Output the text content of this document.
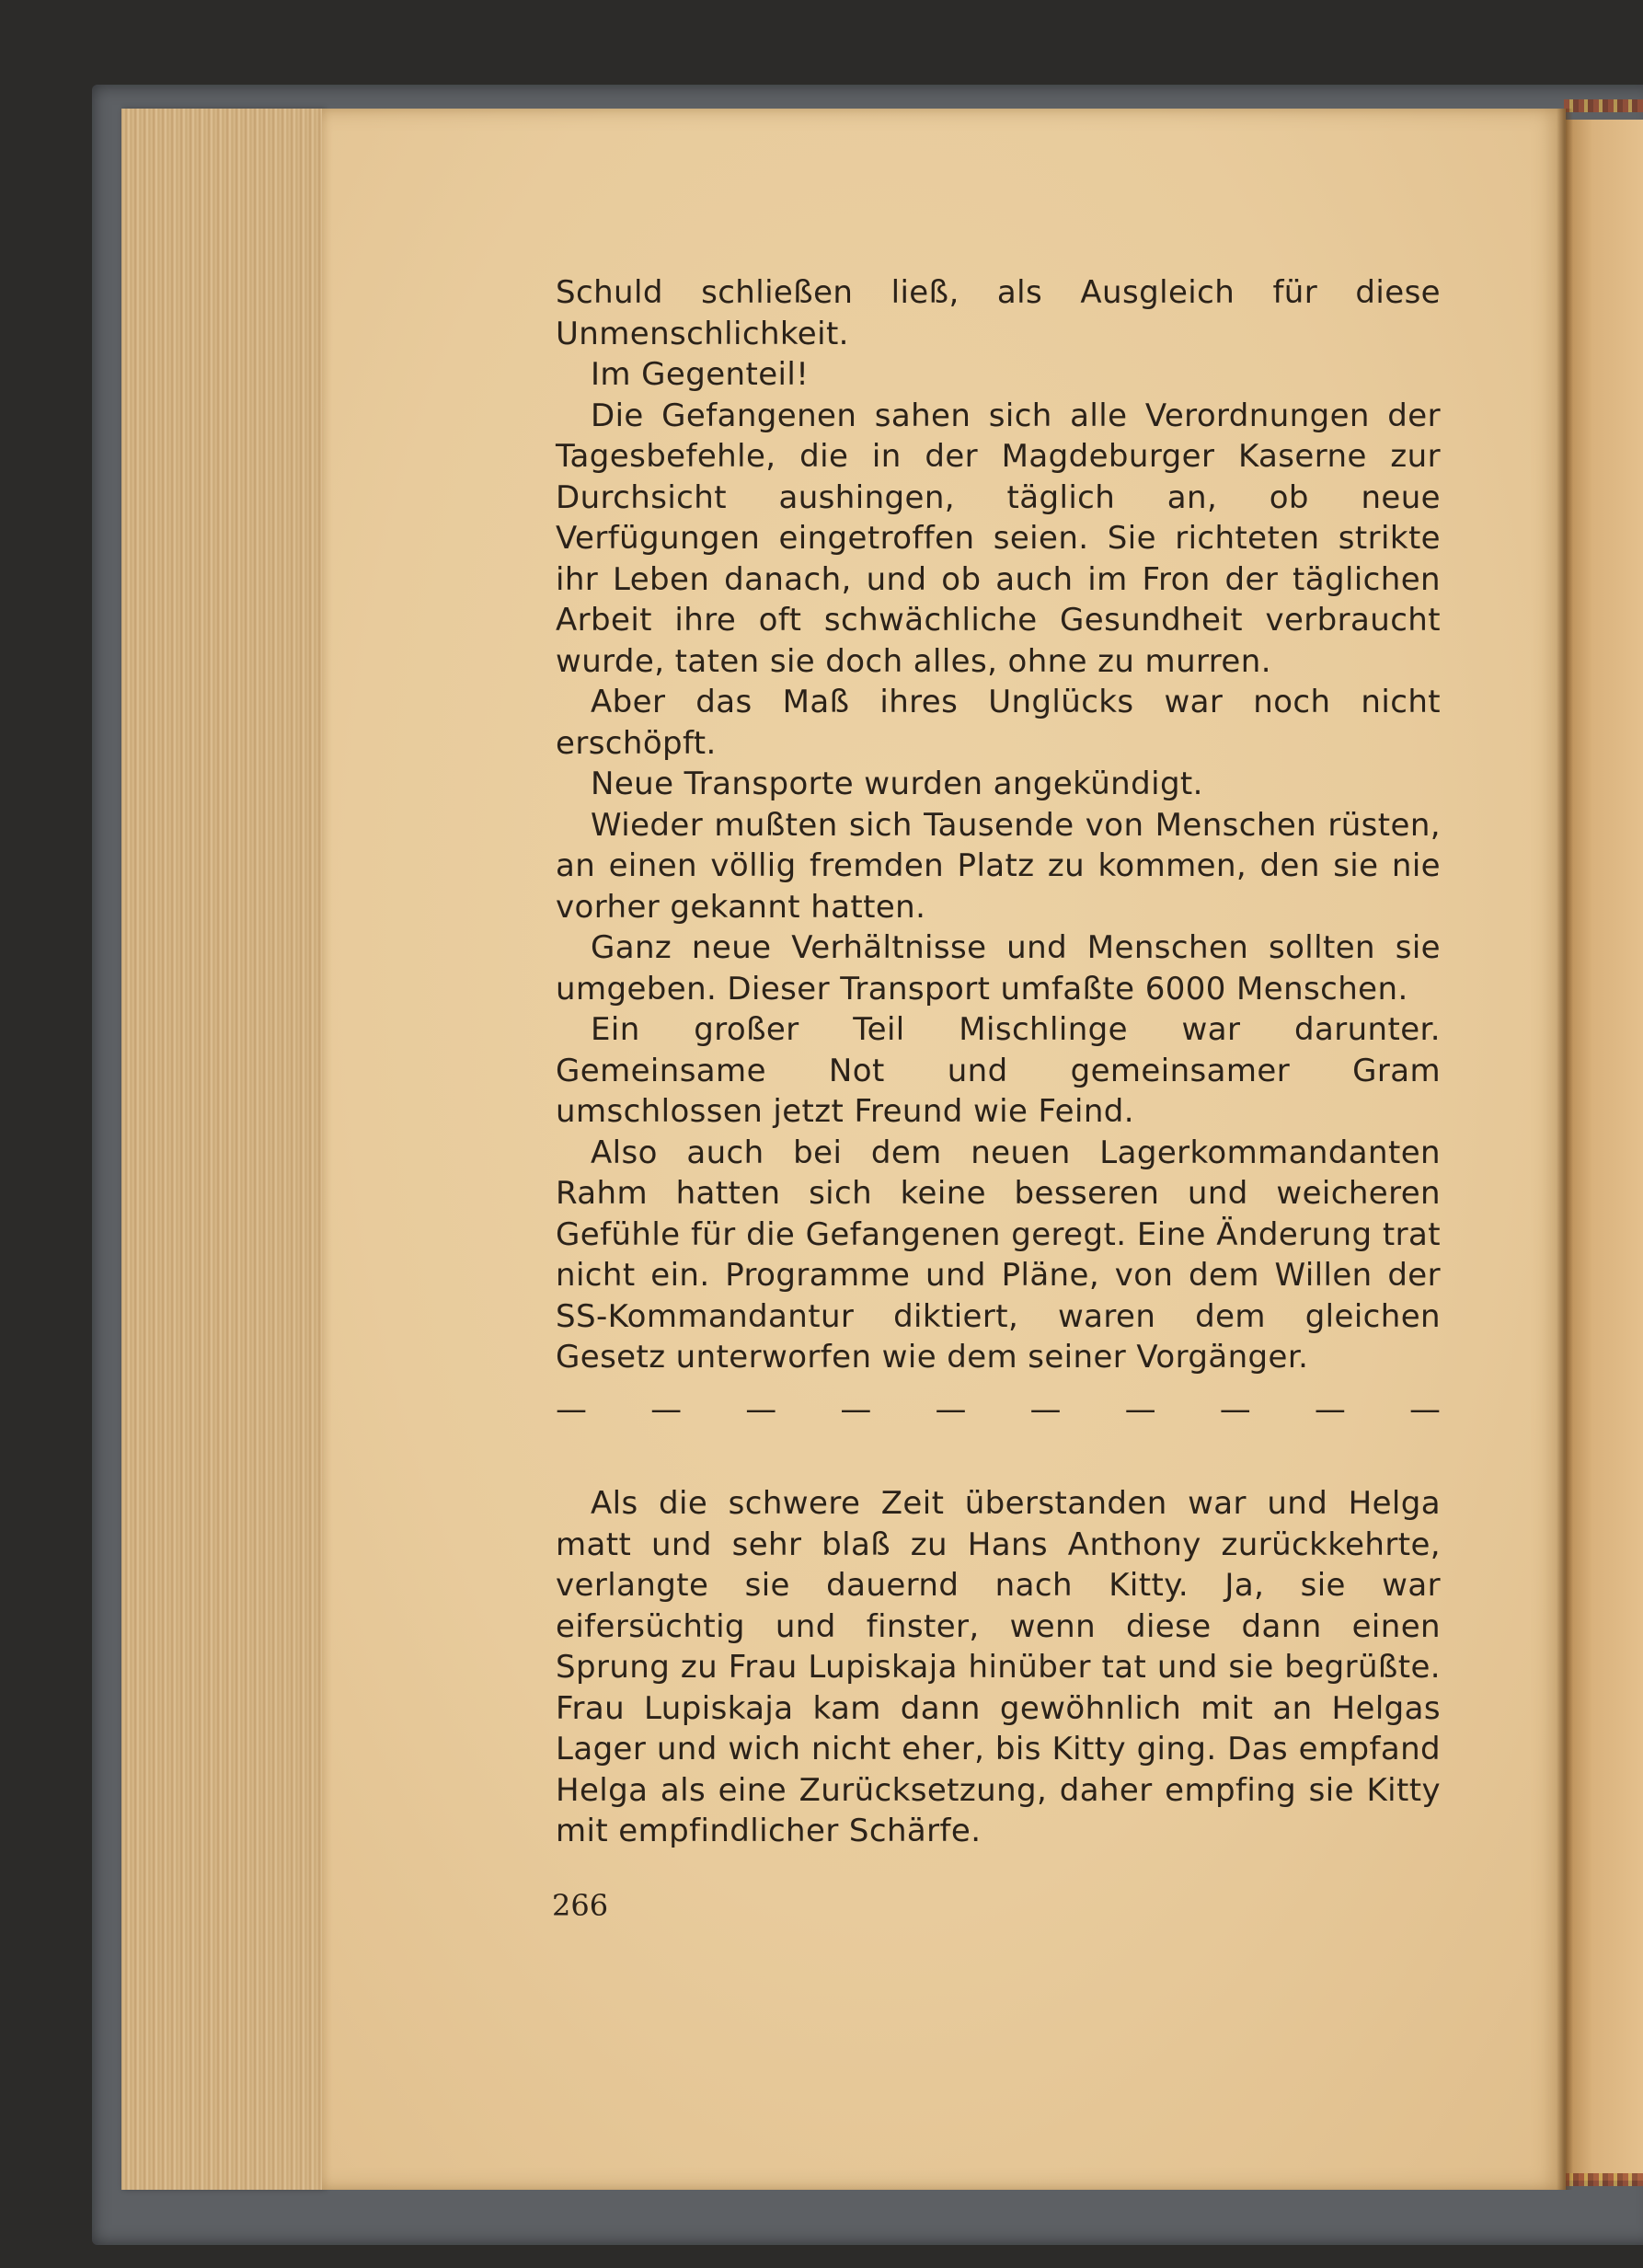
Schuld schließen ließ, als Ausgleich für diese Unmenschlichkeit.

Im Gegenteil!

Die Gefangenen sahen sich alle Verordnungen der Tagesbefehle, die in der Magdeburger Kaserne zur Durchsicht aushingen, täglich an, ob neue Verfügungen eingetroffen seien. Sie richteten strikte ihr Leben danach, und ob auch im Fron der täglichen Arbeit ihre oft schwächliche Gesundheit verbraucht wurde, taten sie doch alles, ohne zu murren.

Aber das Maß ihres Unglücks war noch nicht erschöpft.

Neue Transporte wurden angekündigt.

Wieder mußten sich Tausende von Menschen rüsten, an einen völlig fremden Platz zu kommen, den sie nie vorher gekannt hatten.

Ganz neue Verhältnisse und Menschen sollten sie umgeben. Dieser Transport umfaßte 6000 Menschen.

Ein großer Teil Mischlinge war darunter. Gemeinsame Not und gemeinsamer Gram umschlossen jetzt Freund wie Feind.

Also auch bei dem neuen Lagerkommandanten Rahm hatten sich keine besseren und weicheren Gefühle für die Gefangenen geregt. Eine Änderung trat nicht ein. Programme und Pläne, von dem Willen der SS-Kommandantur diktiert, waren dem gleichen Gesetz unterworfen wie dem seiner Vorgänger.

— — — — — — — — — —

Als die schwere Zeit überstanden war und Helga matt und sehr blaß zu Hans Anthony zurückkehrte, verlangte sie dauernd nach Kitty. Ja, sie war eifersüchtig und finster, wenn diese dann einen Sprung zu Frau Lupiskaja hinüber tat und sie begrüßte. Frau Lupiskaja kam dann gewöhnlich mit an Helgas Lager und wich nicht eher, bis Kitty ging. Das empfand Helga als eine Zurücksetzung, daher empfing sie Kitty mit empfindlicher Schärfe.

266
